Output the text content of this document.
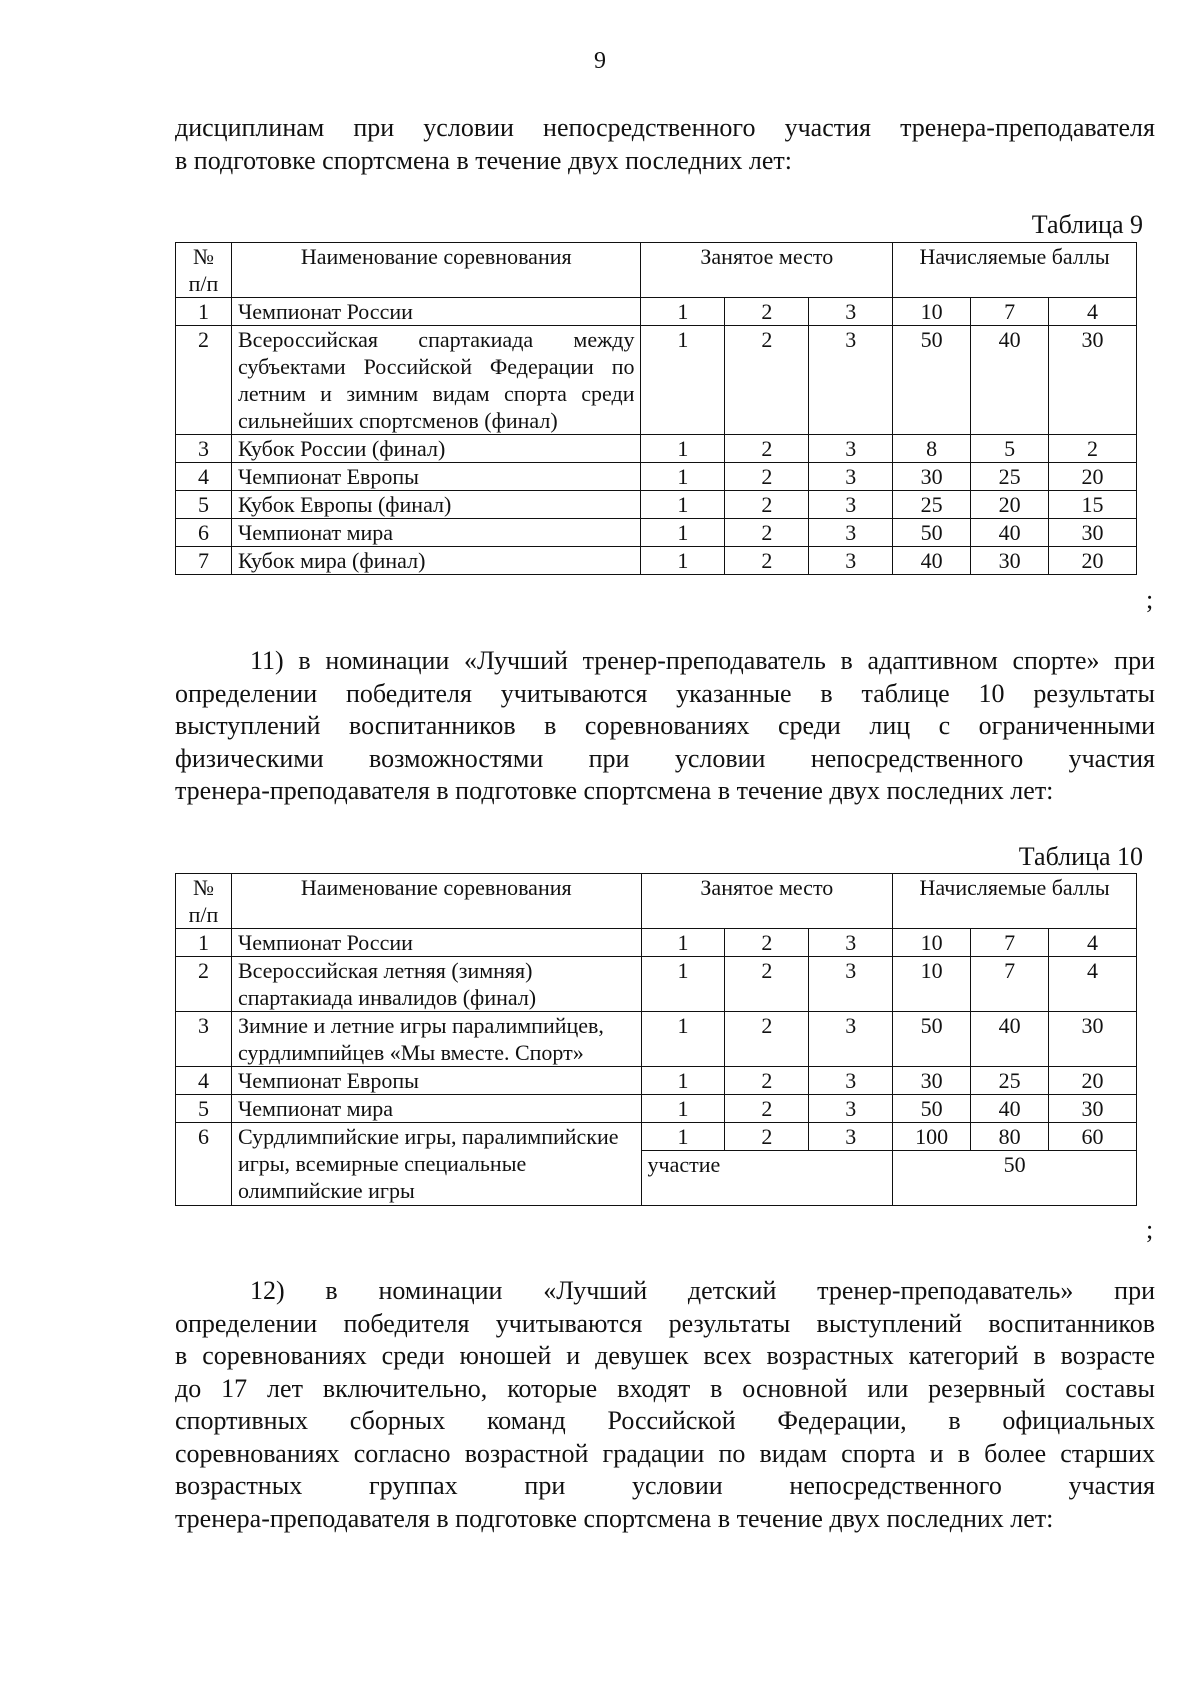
9
дисциплинам при условии непосредственного участия тренера-преподавателя
в подготовке спортсмена в течение двух последних лет:
Таблица 9
№ п/п	Наименование соревнования	Занятое место			Начисляемые баллы		
1	Чемпионат России	1	2	3	10	7	4
2	Всероссийская спартакиада между субъектами Российской Федерации по летним и зимним видам спорта среди сильнейших спортсменов (финал)	1	2	3	50	40	30
3	Кубок России (финал)	1	2	3	8	5	2
4	Чемпионат Европы	1	2	3	30	25	20
5	Кубок Европы (финал)	1	2	3	25	20	15
6	Чемпионат мира	1	2	3	50	40	30
7	Кубок мира (финал)	1	2	3	40	30	20
;
11) в номинации «Лучший тренер-преподаватель в адаптивном спорте» при
определении победителя учитываются указанные в таблице 10 результаты
выступлений воспитанников в соревнованиях среди лиц с ограниченными
физическими возможностями при условии непосредственного участия
тренера-преподавателя в подготовке спортсмена в течение двух последних лет:
Таблица 10
№ п/п	Наименование соревнования	Занятое место			Начисляемые баллы		
1	Чемпионат России	1	2	3	10	7	4
2	Всероссийская летняя (зимняя) спартакиада инвалидов (финал)	1	2	3	10	7	4
3	Зимние и летние игры паралимпийцев, сурдлимпийцев «Мы вместе. Спорт»	1	2	3	50	40	30
4	Чемпионат Европы	1	2	3	30	25	20
5	Чемпионат мира	1	2	3	50	40	30
6	Сурдлимпийские игры, паралимпийские игры, всемирные специальные олимпийские игры	1	2	3	100	80	60
		участие			50		
;
12) в номинации «Лучший детский тренер-преподаватель» при
определении победителя учитываются результаты выступлений воспитанников
в соревнованиях среди юношей и девушек всех возрастных категорий в возрасте
до 17 лет включительно, которые входят в основной или резервный составы
спортивных сборных команд Российской Федерации, в официальных
соревнованиях согласно возрастной градации по видам спорта и в более старших
возрастных группах при условии непосредственного участия
тренера-преподавателя в подготовке спортсмена в течение двух последних лет:
